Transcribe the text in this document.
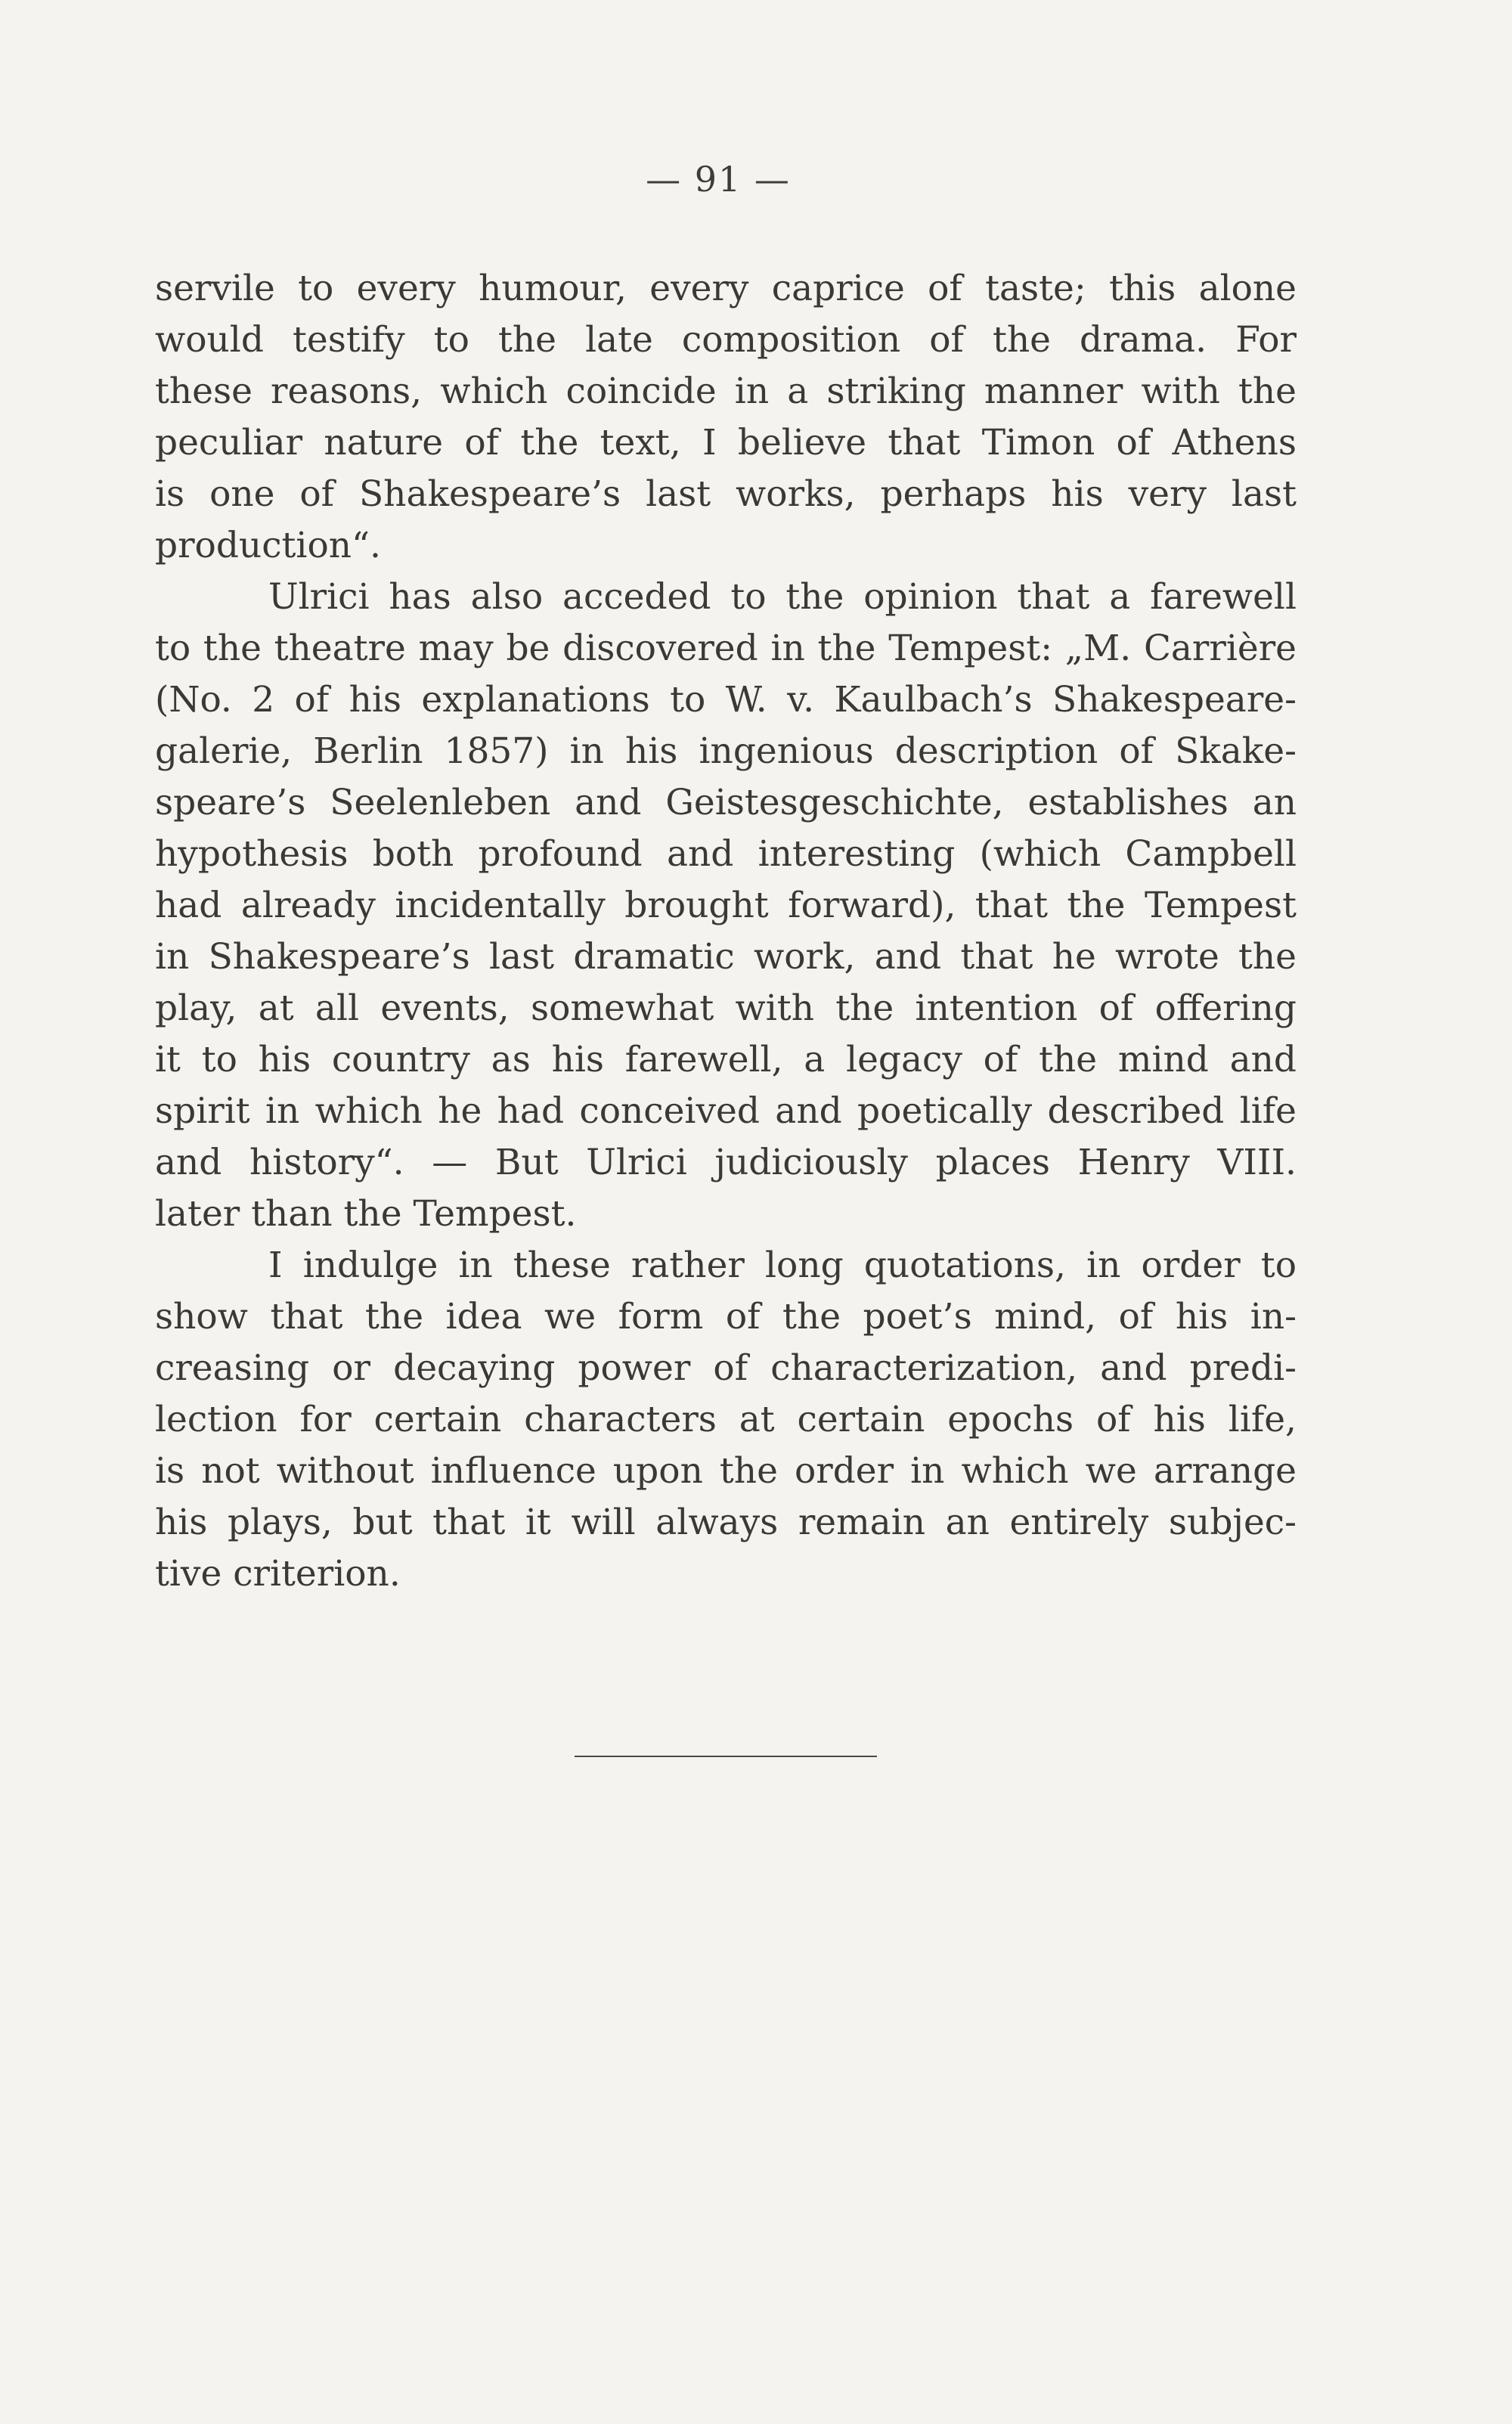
— 91 —
servile to every humour, every caprice of taste; this alone
would testify to the late composition of the drama. For
these reasons, which coincide in a striking manner with the
peculiar nature of the text, I believe that Timon of Athens
is one of Shakespeare’s last works, perhaps his very last
production“.
Ulrici has also acceded to the opinion that a farewell
to the theatre may be discovered in the Tempest: „M. Carrière
(No. 2 of his explanations to W. v. Kaulbach’s Shakespeare-
galerie, Berlin 1857) in his ingenious description of Skake-
speare’s Seelenleben and Geistesgeschichte, establishes an
hypothesis both profound and interesting (which Campbell
had already incidentally brought forward), that the Tempest
in Shakespeare’s last dramatic work, and that he wrote the
play, at all events, somewhat with the intention of offering
it to his country as his farewell, a legacy of the mind and
spirit in which he had conceived and poetically described life
and history“. — But Ulrici judiciously places Henry VIII.
later than the Tempest.
I indulge in these rather long quotations, in order to
show that the idea we form of the poet’s mind, of his in-
creasing or decaying power of characterization, and predi-
lection for certain characters at certain epochs of his life,
is not without influence upon the order in which we arrange
his plays, but that it will always remain an entirely subjec-
tive criterion.
